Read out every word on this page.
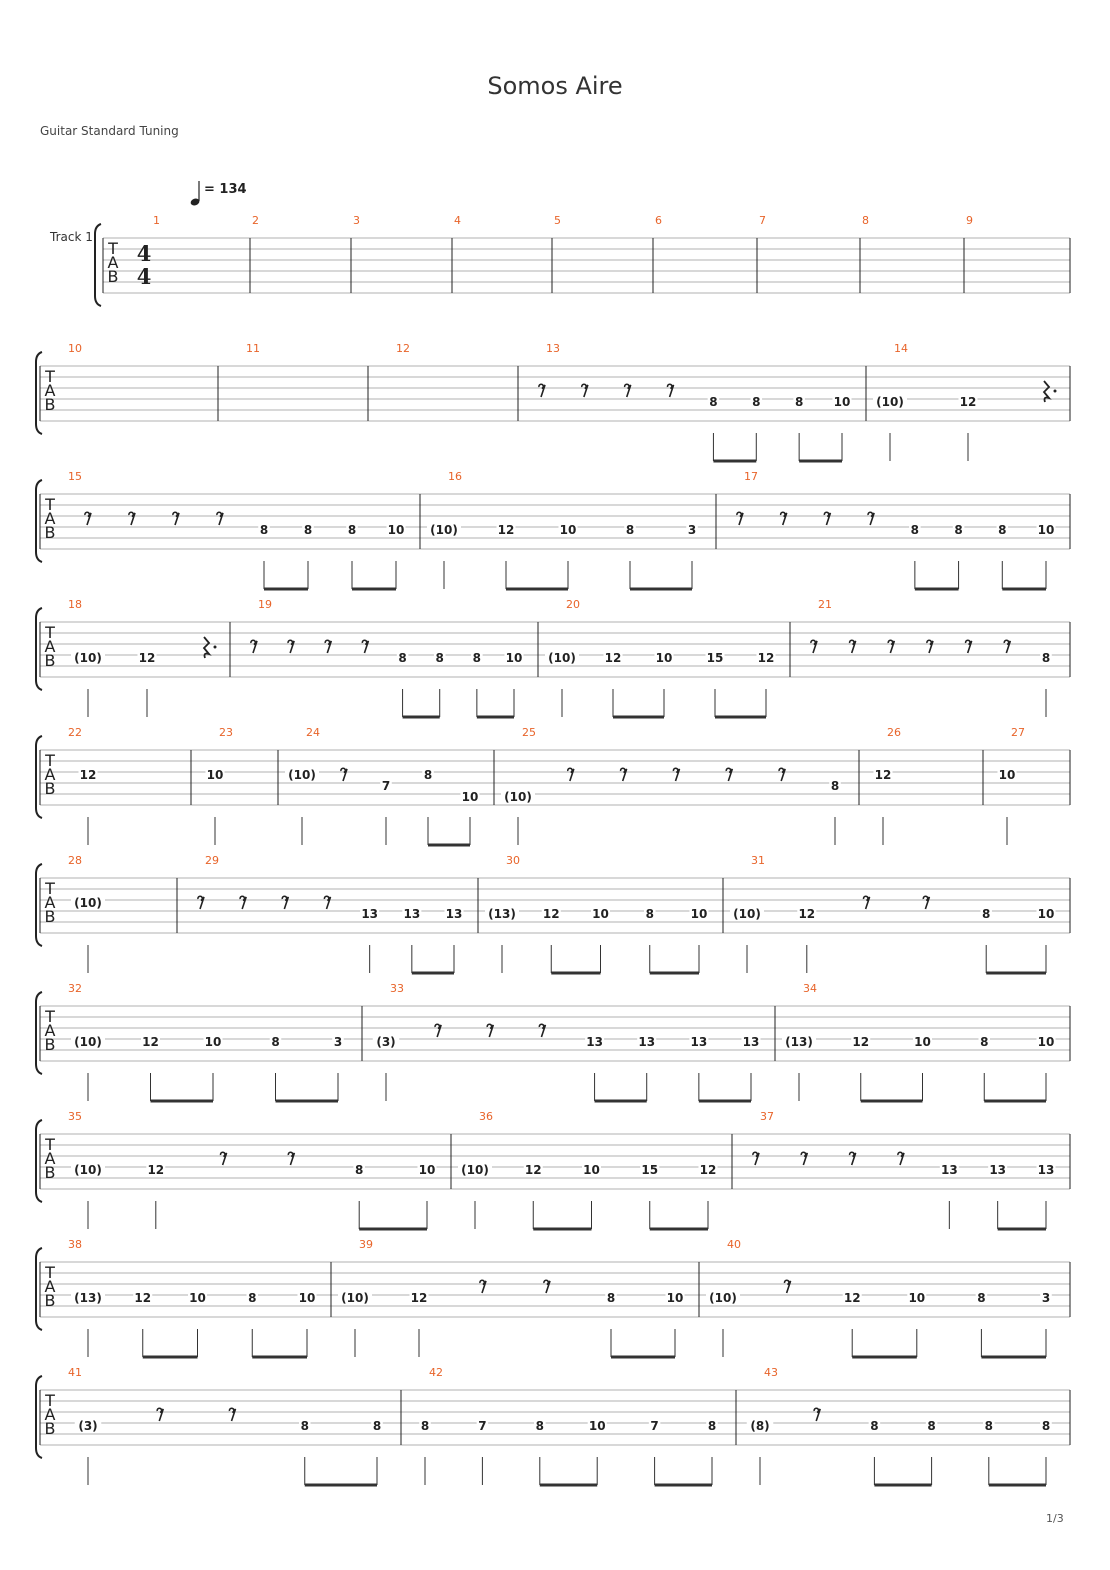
Somos Aire
Guitar Standard Tuning
1/3
= 134
Track 1
T
A
B
4
4
1	2	3	4	5	6	7	8	9
T
A
B
10	11	12	13
8	8	8	10
14
(10)	12
T
A
B
15
8	8	8	10
16
(10)	12	10	8	3
17
8	8	8	10
T
A
B
18
(10)	12
19
8 8 8 10
20
(10) 12	10	15	12
21
8
T
A
B
22
12
23
10
24
(10)
7
8
10
25
(10)
8
26
12
27
10
T
A
B
28
(10)
29
13 13 13
30
(13) 12	10	8	10
31
(10)	12	8	10
T
A
B
32
(10)	12	10	8	3
33
(3)	13	13	13	13
34
(13)	12	10	8	10
T
A
B
35
(10)	12	8	10
36
(10)	12	10	15	12
37
13	13	13
T
A
B
38
(13)	12	10	8	10
39
(10)	12	8	10
40
(10)	12	10	8	3
T
A
B
41
(3)	8	8
42
8	7	8	10	7	8
43
(8)	8	8	8	8
